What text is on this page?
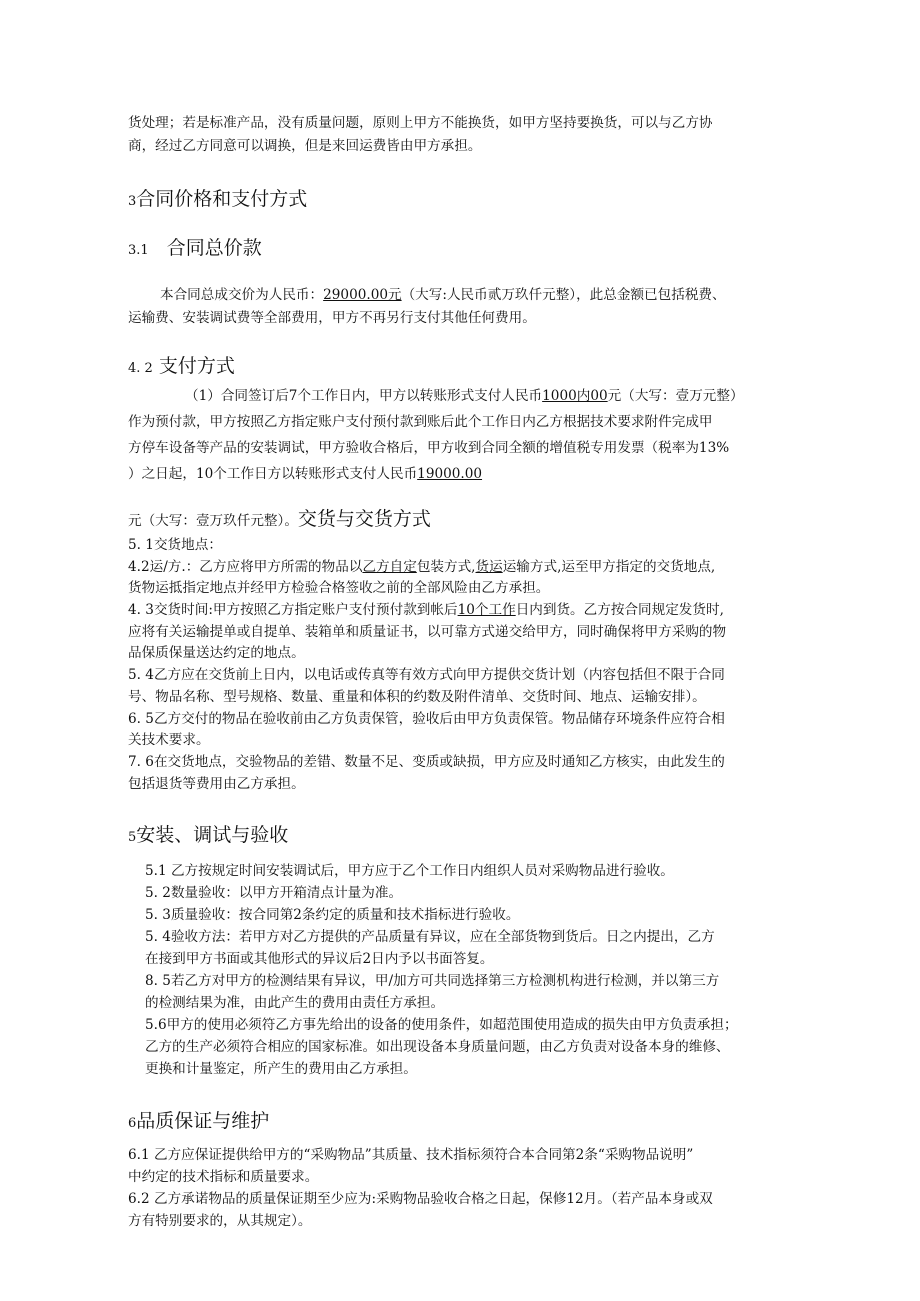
货处理；若是标准产品，没有质量问题，原则上甲方不能换货，如甲方坚持要换货，可以与乙方协
商，经过乙方同意可以调换，但是来回运费皆由甲方承担。
3合同价格和支付方式
3.1 合同总价款
本合同总成交价为人民币：29000.00元（大写:人民币贰万玖仟元整），此总金额已包括税费、
运输费、安装调试费等全部费用，甲方不再另行支付其他任何费用。
4. 2 支付方式
（1）合同签订后7个工作日内，甲方以转账形式支付人民币1000内00元（大写：壹万元整）
作为预付款，甲方按照乙方指定账户支付预付款到账后此个工作日内乙方根据技术要求附件完成甲
方停车设备等产品的安装调试，甲方验收合格后，甲方收到合同全额的增值税专用发票（税率为13%
）之日起，10个工作日方以转账形式支付人民币19000.00
元（大写：壹万玖仟元整）。交货与交货方式
5. 1交货地点：
4.2运/方.：乙方应将甲方所需的物品以乙方自定包装方式,货运运输方式,运至甲方指定的交货地点,
货物运抵指定地点并经甲方检验合格签收之前的全部风险由乙方承担。
4. 3交货时间:甲方按照乙方指定账户支付预付款到帐后10个工作日内到货。乙方按合同规定发货时,
应将有关运输提单或自提单、装箱单和质量证书，以可靠方式递交给甲方，同时确保将甲方采购的物
品保质保量送达约定的地点。
5. 4乙方应在交货前上日内，以电话或传真等有效方式向甲方提供交货计划（内容包括但不限于合同
号、物品名称、型号规格、数量、重量和体积的约数及附件清单、交货时间、地点、运输安排）。
6. 5乙方交付的物品在验收前由乙方负责保管，验收后由甲方负责保管。物品储存环境条件应符合相
关技术要求。
7. 6在交货地点，交验物品的差错、数量不足、变质或缺损，甲方应及时通知乙方核实，由此发生的
包括退货等费用由乙方承担。
5安装、调试与验收
5.1 乙方按规定时间安装调试后，甲方应于乙个工作日内组织人员对采购物品进行验收。
5. 2数量验收：以甲方开箱清点计量为准。
5. 3质量验收：按合同第2条约定的质量和技术指标进行验收。
5. 4验收方法：若甲方对乙方提供的产品质量有异议，应在全部货物到货后。日之内提出，乙方
在接到甲方书面或其他形式的异议后2日内予以书面答复。
8. 5若乙方对甲方的检测结果有异议，甲/加方可共同选择第三方检测机构进行检测，并以第三方
的检测结果为准，由此产生的费用由责任方承担。
5.6甲方的使用必须符乙方事先给出的设备的使用条件，如超范围使用造成的损失由甲方负责承担；
乙方的生产必须符合相应的国家标准。如出现设备本身质量问题，由乙方负责对设备本身的维修、
更换和计量鉴定，所产生的费用由乙方承担。
6品质保证与维护
6.1 乙方应保证提供给甲方的“采购物品”其质量、技术指标须符合本合同第2条“采购物品说明”
中约定的技术指标和质量要求。
6.2 乙方承诺物品的质量保证期至少应为:采购物品验收合格之日起，保修12月。（若产品本身或双
方有特别要求的，从其规定）。
